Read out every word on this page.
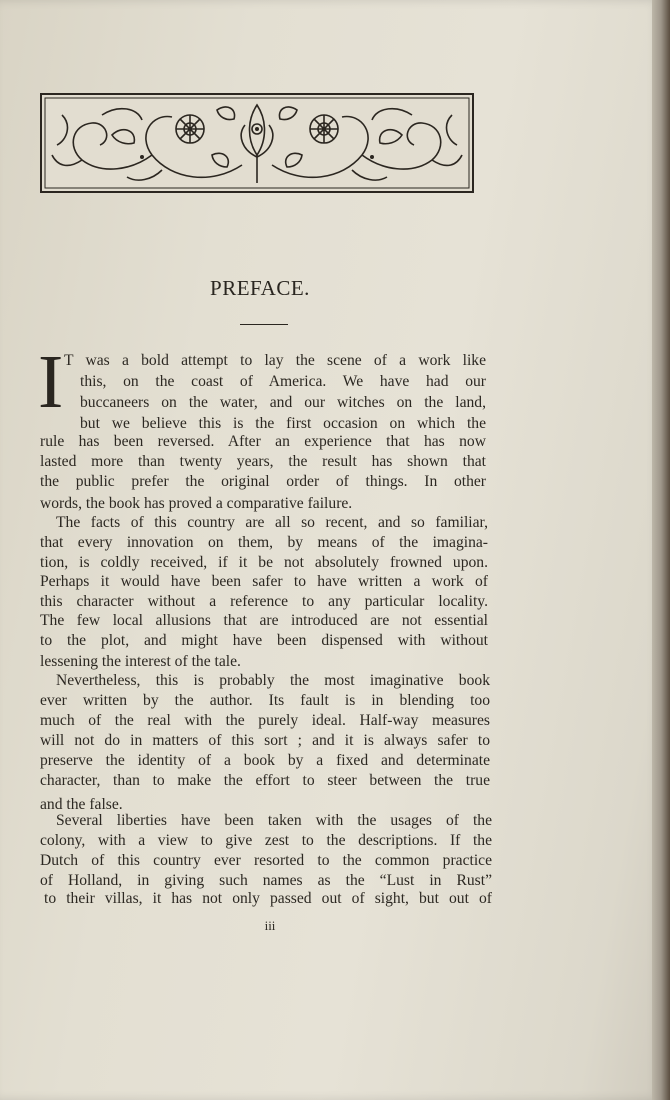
PREFACE.
I T was a bold attempt to lay the scene of a work like
this, on the coast of America. We have had our
buccaneers on the water, and our witches on the land,
but we believe this is the first occasion on which the
rule has been reversed. After an experience that has now
lasted more than twenty years, the result has shown that
the public prefer the original order of things. In other
words, the book has proved a comparative failure.
The facts of this country are all so recent, and so familiar,
that every innovation on them, by means of the imagina-
tion, is coldly received, if it be not absolutely frowned upon.
Perhaps it would have been safer to have written a work of
this character without a reference to any particular locality.
The few local allusions that are introduced are not essential
to the plot, and might have been dispensed with without
lessening the interest of the tale.
Nevertheless, this is probably the most imaginative book
ever written by the author. Its fault is in blending too
much of the real with the purely ideal. Half-way measures
will not do in matters of this sort ; and it is always safer to
preserve the identity of a book by a fixed and determinate
character, than to make the effort to steer between the true
and the false.
Several liberties have been taken with the usages of the
colony, with a view to give zest to the descriptions. If the
Dutch of this country ever resorted to the common practice
of Holland, in giving such names as the “Lust in Rust”
to their villas, it has not only passed out of sight, but out of
iii
